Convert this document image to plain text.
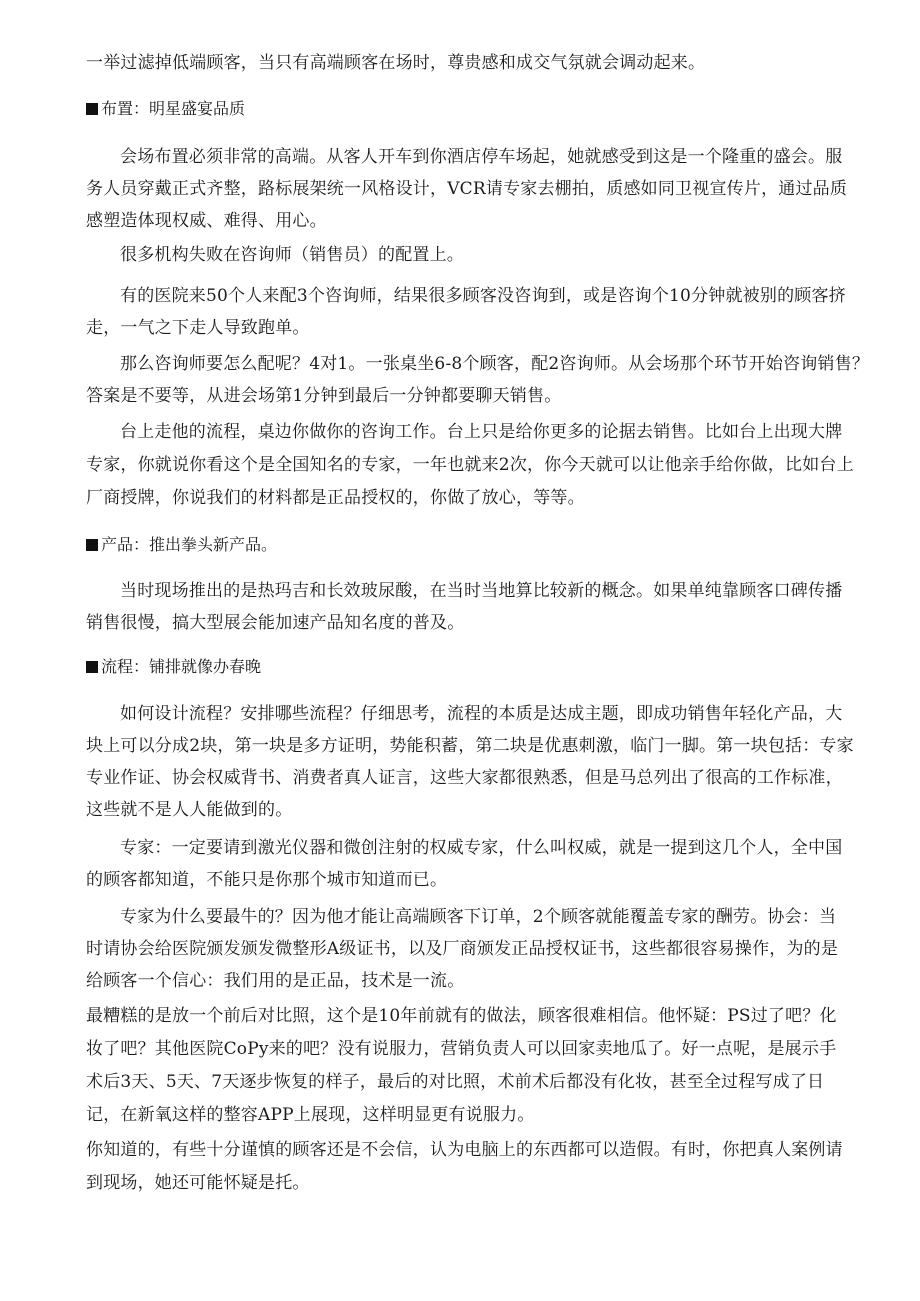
一举过滤掉低端顾客，当只有高端顾客在场时，尊贵感和成交气氛就会调动起来。
布置：明星盛宴品质
会场布置必须非常的高端。从客人开车到你酒店停车场起，她就感受到这是一个隆重的盛会。服
务人员穿戴正式齐整，路标展架统一风格设计，VCR请专家去棚拍，质感如同卫视宣传片，通过品质
感塑造体现权威、难得、用心。
很多机构失败在咨询师（销售员）的配置上。
有的医院来50个人来配3个咨询师，结果很多顾客没咨询到，或是咨询个10分钟就被别的顾客挤
走，一气之下走人导致跑单。
那么咨询师要怎么配呢？4对1。一张桌坐6-8个顾客，配2咨询师。从会场那个环节开始咨询销售？
答案是不要等，从进会场第1分钟到最后一分钟都要聊天销售。
台上走他的流程，桌边你做你的咨询工作。台上只是给你更多的论据去销售。比如台上出现大牌
专家，你就说你看这个是全国知名的专家，一年也就来2次，你今天就可以让他亲手给你做，比如台上
厂商授牌，你说我们的材料都是正品授权的，你做了放心，等等。
产品：推出拳头新产品。
当时现场推出的是热玛吉和长效玻尿酸，在当时当地算比较新的概念。如果单纯靠顾客口碑传播
销售很慢，搞大型展会能加速产品知名度的普及。
流程：铺排就像办春晚
如何设计流程？安排哪些流程？仔细思考，流程的本质是达成主题，即成功销售年轻化产品，大
块上可以分成2块，第一块是多方证明，势能积蓄，第二块是优惠刺激，临门一脚。第一块包括：专家
专业作证、协会权威背书、消费者真人证言，这些大家都很熟悉，但是马总列出了很高的工作标准，
这些就不是人人能做到的。
专家：一定要请到激光仪器和微创注射的权威专家，什么叫权威，就是一提到这几个人，全中国
的顾客都知道，不能只是你那个城市知道而已。
专家为什么要最牛的？因为他才能让高端顾客下订单，2个顾客就能覆盖专家的酬劳。协会：当
时请协会给医院颁发颁发微整形A级证书，以及厂商颁发正品授权证书，这些都很容易操作，为的是
给顾客一个信心：我们用的是正品，技术是一流。
最糟糕的是放一个前后对比照，这个是10年前就有的做法，顾客很难相信。他怀疑：PS过了吧？化
妆了吧？其他医院CoPy来的吧？没有说服力，营销负责人可以回家卖地瓜了。好一点呢，是展示手
术后3天、5天、7天逐步恢复的样子，最后的对比照，术前术后都没有化妆，甚至全过程写成了日
记，在新氧这样的整容APP上展现，这样明显更有说服力。
你知道的，有些十分谨慎的顾客还是不会信，认为电脑上的东西都可以造假。有时，你把真人案例请
到现场，她还可能怀疑是托。
